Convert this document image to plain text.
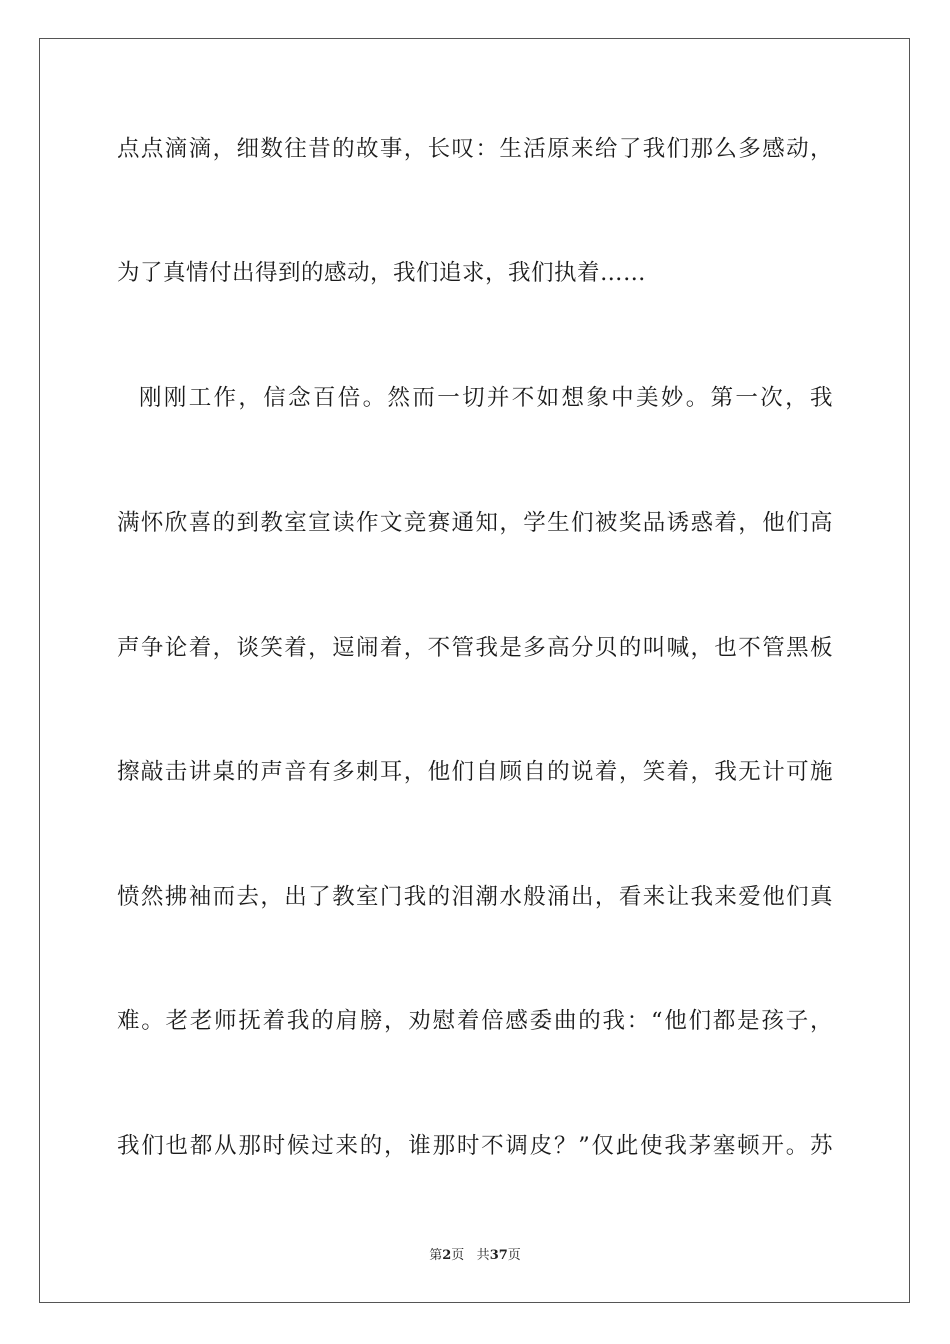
点点滴滴，细数往昔的故事，长叹：生活原来给了我们那么多感动，
为了真情付出得到的感动，我们追求，我们执着……
刚刚工作，信念百倍。然而一切并不如想象中美妙。第一次，我
满怀欣喜的到教室宣读作文竞赛通知，学生们被奖品诱惑着，他们高
声争论着，谈笑着，逗闹着，不管我是多高分贝的叫喊，也不管黑板
擦敲击讲桌的声音有多刺耳，他们自顾自的说着，笑着，我无计可施
愤然拂袖而去，出了教室门我的泪潮水般涌出，看来让我来爱他们真
难。老老师抚着我的肩膀，劝慰着倍感委曲的我：“他们都是孩子，
我们也都从那时候过来的，谁那时不调皮？”仅此使我茅塞顿开。苏
第2页 共37页
